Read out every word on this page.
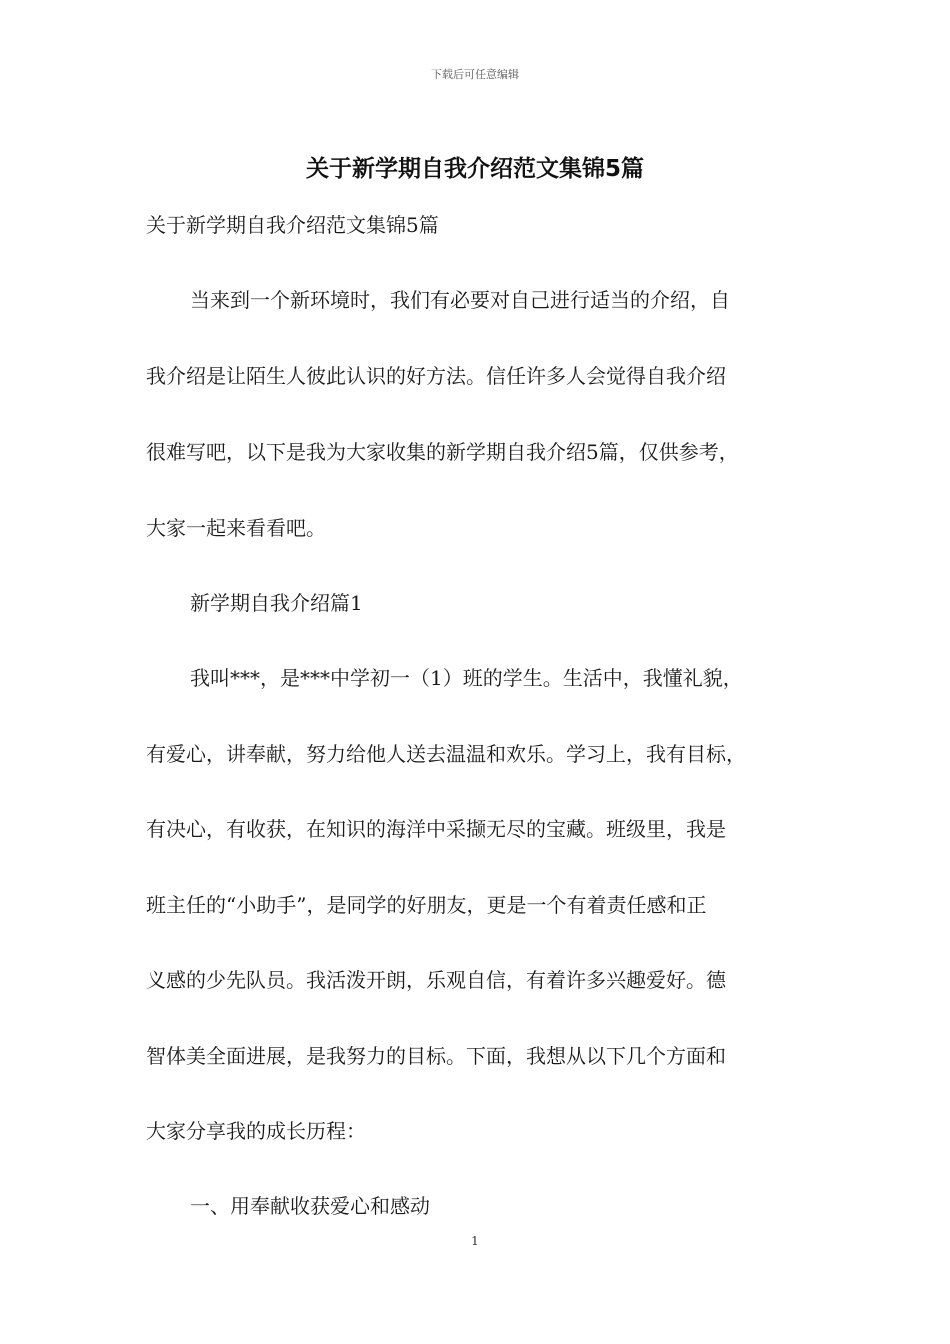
下载后可任意编辑
关于新学期自我介绍范文集锦5篇
关于新学期自我介绍范文集锦5篇
当来到一个新环境时，我们有必要对自己进行适当的介绍，自
我介绍是让陌生人彼此认识的好方法。信任许多人会觉得自我介绍
很难写吧，以下是我为大家收集的新学期自我介绍5篇，仅供参考，
大家一起来看看吧。
新学期自我介绍篇1
我叫***，是***中学初一（1）班的学生。生活中，我懂礼貌，
有爱心，讲奉献，努力给他人送去温温和欢乐。学习上，我有目标，
有决心，有收获，在知识的海洋中采撷无尽的宝藏。班级里，我是
班主任的“小助手”，是同学的好朋友，更是一个有着责任感和正
义感的少先队员。我活泼开朗，乐观自信，有着许多兴趣爱好。德
智体美全面进展，是我努力的目标。下面，我想从以下几个方面和
大家分享我的成长历程：
一、用奉献收获爱心和感动
1
